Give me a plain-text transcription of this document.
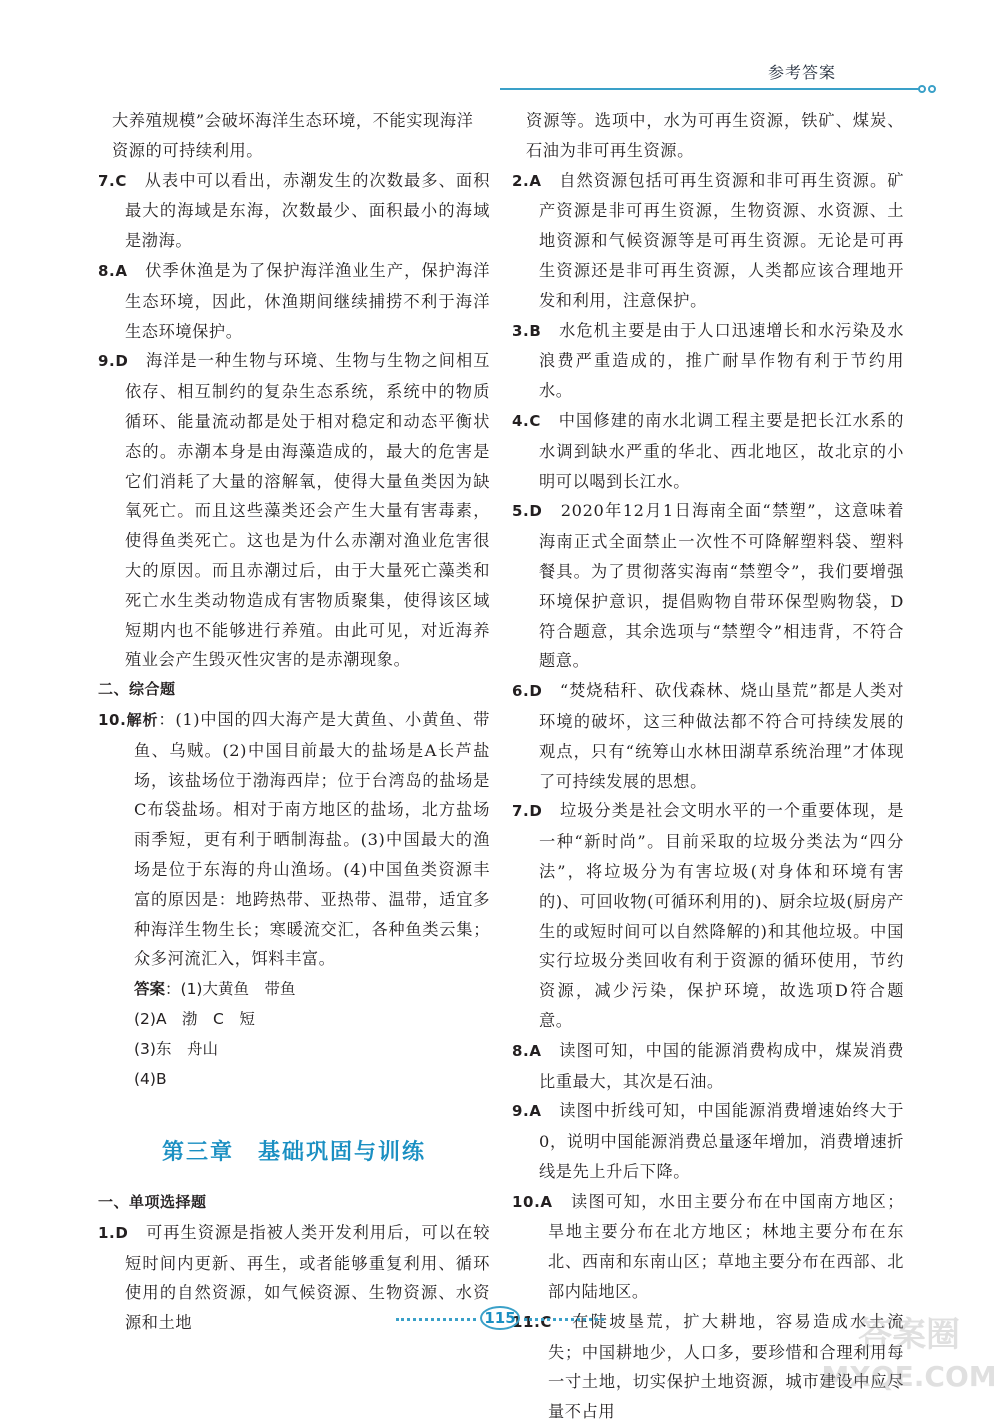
参考答案

大养殖规模”会破坏海洋生态环境，不能实现海洋

资源的可持续利用。

7.C　 从表中可以看出，赤潮发生的次数最多、面积最大的海域是东海，次数最少、面积最小的海域是渤海。

8.A　 伏季休渔是为了保护海洋渔业生产，保护海洋生态环境，因此，休渔期间继续捕捞不利于海洋生态环境保护。

9.D　 海洋是一种生物与环境、生物与生物之间相互依存、相互制约的复杂生态系统，系统中的物质循环、能量流动都是处于相对稳定和动态平衡状态的。赤潮本身是由海藻造成的，最大的危害是它们消耗了大量的溶解氧，使得大量鱼类因为缺氧死亡。而且这些藻类还会产生大量有害毒素，使得鱼类死亡。这也是为什么赤潮对渔业危害很大的原因。而且赤潮过后，由于大量死亡藻类和死亡水生类动物造成有害物质聚集，使得该区域短期内也不能够进行养殖。由此可见，对近海养殖业会产生毁灭性灾害的是赤潮现象。

二、综合题

10.解析：(1)中国的四大海产是大黄鱼、小黄鱼、带鱼、乌贼。(2)中国目前最大的盐场是A长芦盐场，该盐场位于渤海西岸；位于台湾岛的盐场是C布袋盐场。相对于南方地区的盐场，北方盐场雨季短，更有利于晒制海盐。(3)中国最大的渔场是位于东海的舟山渔场。(4)中国鱼类资源丰富的原因是：地跨热带、亚热带、温带，适宜多种海洋生物生长；寒暖流交汇，各种鱼类云集；众多河流汇入，饵料丰富。

答案：(1)大黄鱼　带鱼

(2)A　渤　C　短

(3)东　舟山

(4)B

第三章　基础巩固与训练

一、单项选择题

1.D　 可再生资源是指被人类开发利用后，可以在较短时间内更新、再生，或者能够重复利用、循环使用的自然资源，如气候资源、生物资源、水资源和土地

资源等。选项中，水为可再生资源，铁矿、煤炭、石油为非可再生资源。

2.A　 自然资源包括可再生资源和非可再生资源。矿产资源是非可再生资源，生物资源、水资源、土地资源和气候资源等是可再生资源。无论是可再生资源还是非可再生资源，人类都应该合理地开发和利用，注意保护。

3.B　 水危机主要是由于人口迅速增长和水污染及水浪费严重造成的，推广耐旱作物有利于节约用水。

4.C　 中国修建的南水北调工程主要是把长江水系的水调到缺水严重的华北、西北地区，故北京的小明可以喝到长江水。

5.D　 2020年12月1日海南全面“禁塑”，这意味着海南正式全面禁止一次性不可降解塑料袋、塑料餐具。为了贯彻落实海南“禁塑令”，我们要增强环境保护意识，提倡购物自带环保型购物袋，D符合题意，其余选项与“禁塑令”相违背，不符合题意。

6.D　 “焚烧秸秆、砍伐森林、烧山垦荒”都是人类对环境的破坏，这三种做法都不符合可持续发展的观点，只有“统筹山水林田湖草系统治理”才体现了可持续发展的思想。

7.D　 垃圾分类是社会文明水平的一个重要体现，是一种“新时尚”。目前采取的垃圾分类法为“四分法”，将垃圾分为有害垃圾(对身体和环境有害的)、可回收物(可循环利用的)、厨余垃圾(厨房产生的或短时间可以自然降解的)和其他垃圾。中国实行垃圾分类回收有利于资源的循环使用，节约资源，减少污染，保护环境，故选项D符合题意。

8.A　 读图可知，中国的能源消费构成中，煤炭消费比重最大，其次是石油。

9.A　 读图中折线可知，中国能源消费增速始终大于0，说明中国能源消费总量逐年增加，消费增速折线是先上升后下降。

10.A　 读图可知，水田主要分布在中国南方地区；旱地主要分布在北方地区；林地主要分布在东北、西南和东南山区；草地主要分布在西部、北部内陆地区。

11.C　 在陡坡垦荒，扩大耕地，容易造成水土流失；中国耕地少，人口多，要珍惜和合理利用每一寸土地，切实保护土地资源，城市建设中应尽量不占用

115	答案圈
MXQE.COM
